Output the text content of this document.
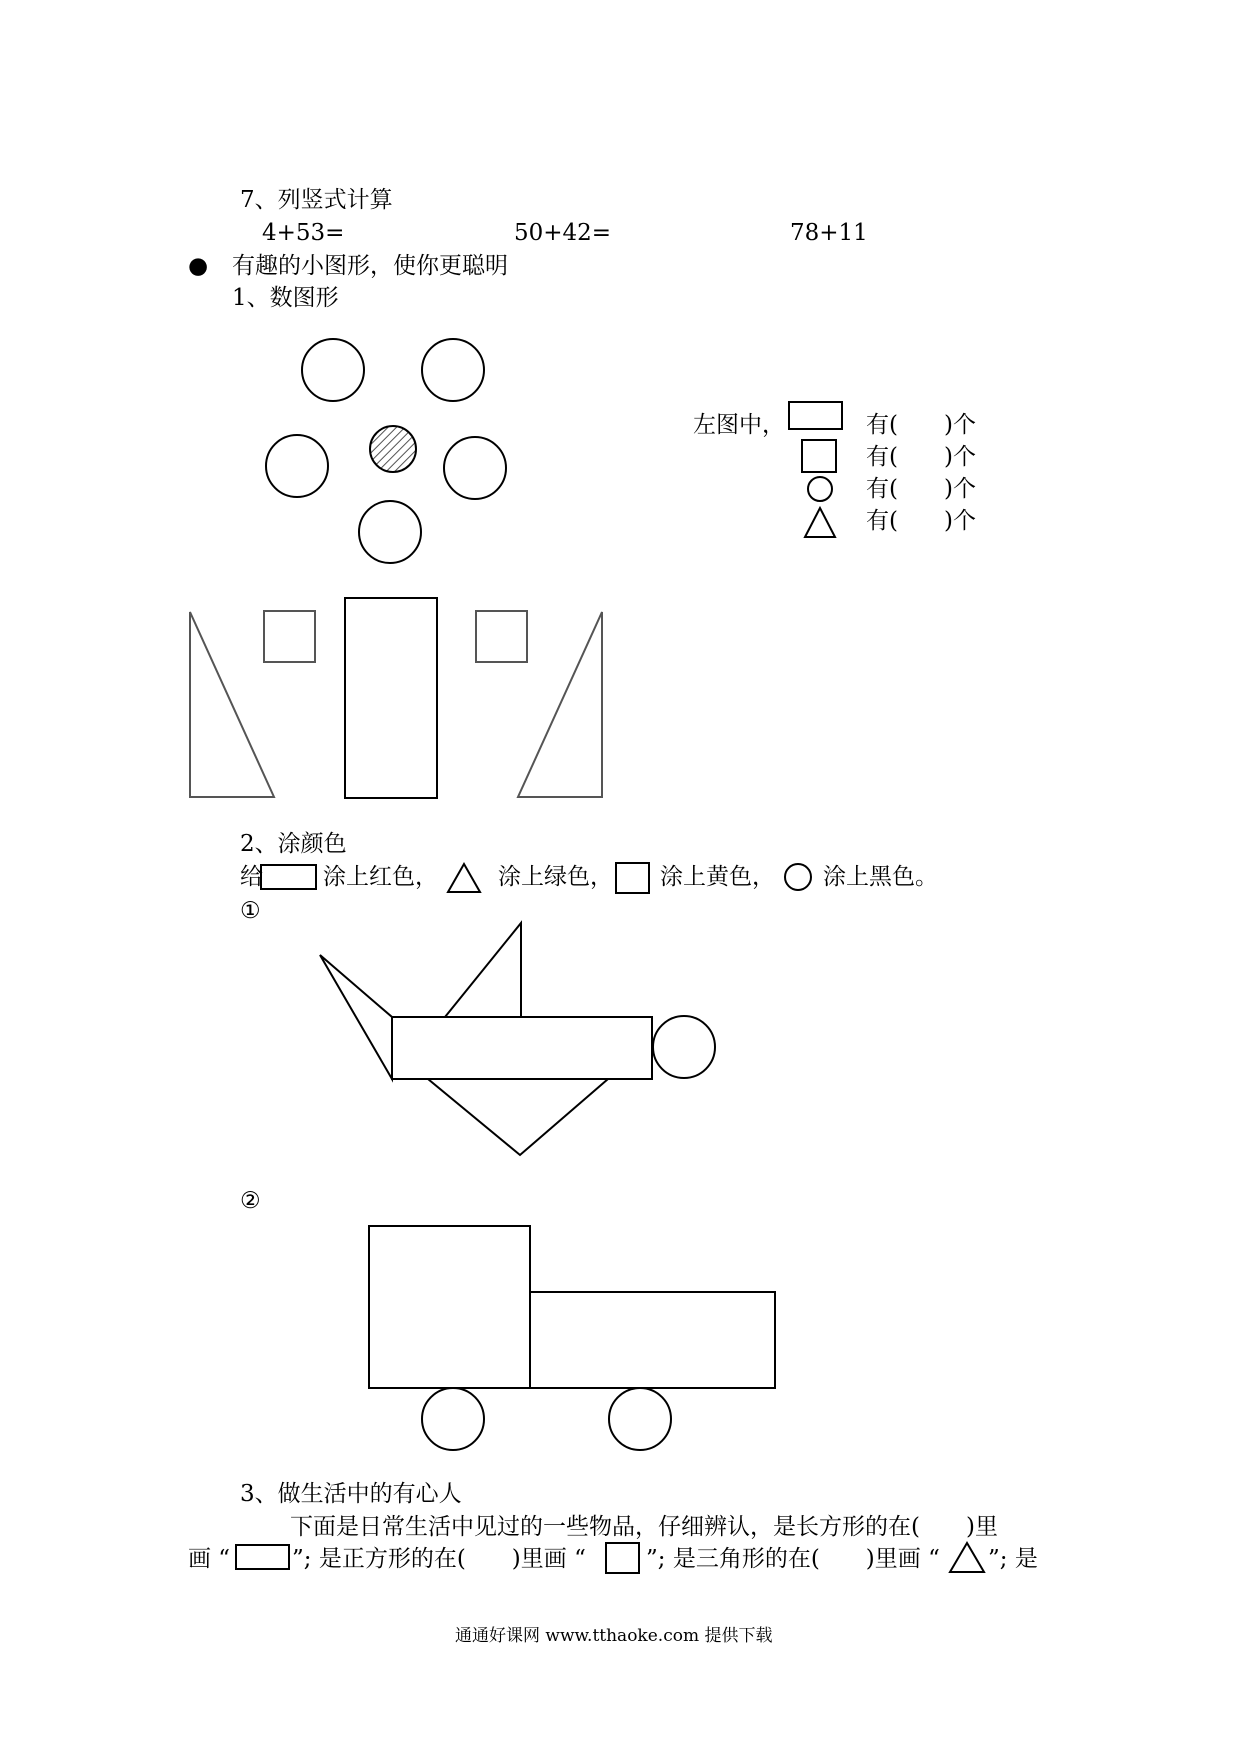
7、列竖式计算
4+53=	50+42=	78+11
● 有趣的小图形，使你更聪明
1、数图形
左图中，	有(　　)个
有(　　)个
有(　　)个
有(　　)个
2、涂颜色
给	涂上红色，	涂上绿色， 涂上黄色， 涂上黑色。
①
②
3、做生活中的有心人
下面是日常生活中见过的一些物品，仔细辨认，是长方形的在(　　)里
画 “	”; 是正方形的在(　　)里画 “	”; 是三角形的在(　　)里画 “ ”; 是
通通好课网 www.tthaoke.com 提供下载
